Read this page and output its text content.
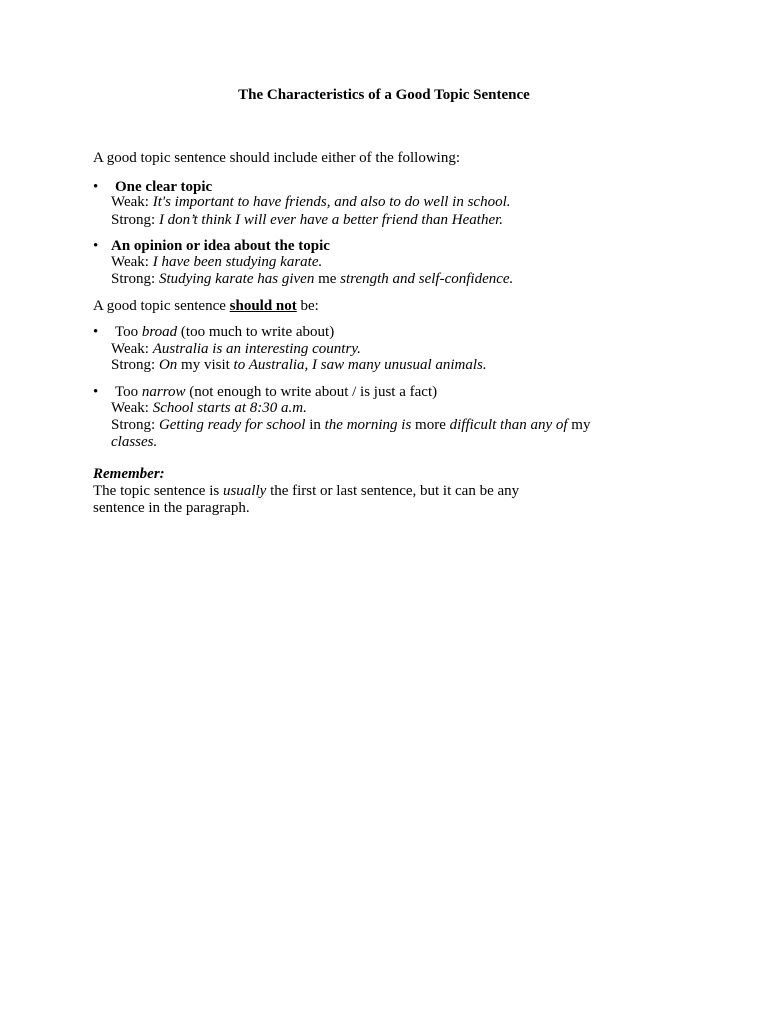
The Characteristics of a Good Topic Sentence
A good topic sentence should include either of the following:
• One clear topic
Weak: It's important to have friends, and also to do well in school.
Strong: I don’t think I will ever have a better friend than Heather.
• An opinion or idea about the topic
Weak: I have been studying karate.
Strong: Studying karate has given me strength and self-confidence.
A good topic sentence should not be:
• Too broad (too much to write about)
Weak: Australia is an interesting country.
Strong: On my visit to Australia, I saw many unusual animals.
• Too narrow (not enough to write about / is just a fact)
Weak: School starts at 8:30 a.m.
Strong: Getting ready for school in the morning is more difficult than any of my
classes.
Remember:
The topic sentence is usually the first or last sentence, but it can be any
sentence in the paragraph.
